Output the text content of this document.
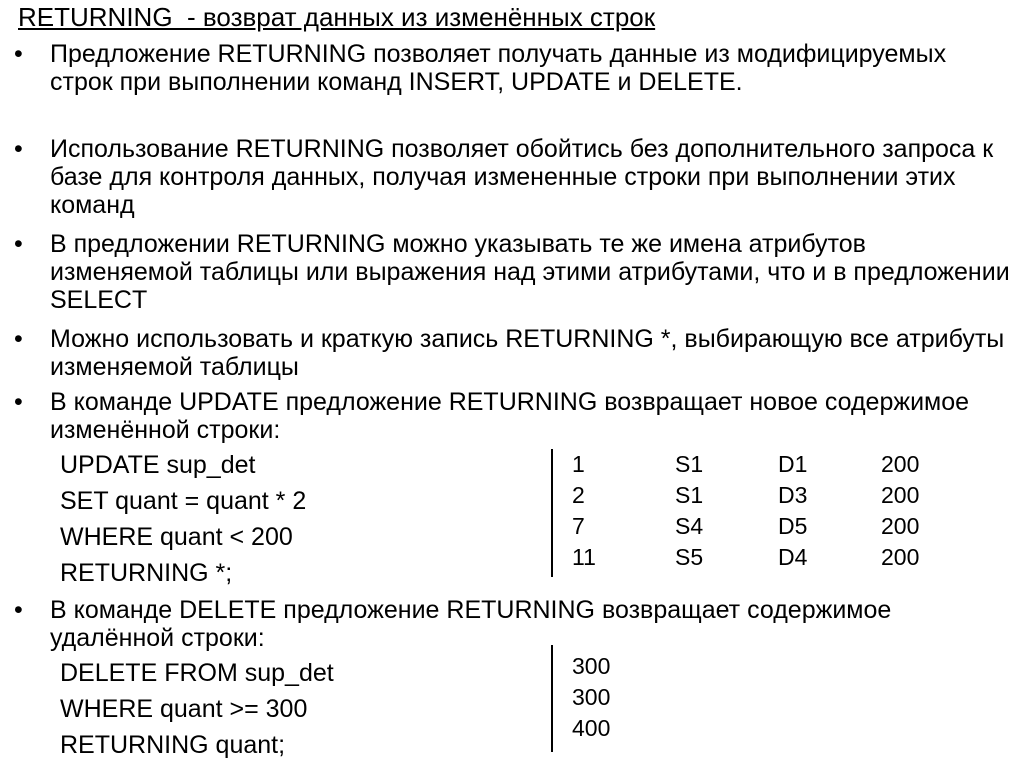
RETURNING  - возврат данных из изменённых строк
• Предложение RETURNING позволяет получать данные из модифицируемых строк при выполнении команд INSERT, UPDATE и DELETE.
• Использование RETURNING позволяет обойтись без дополнительного запроса к базе для контроля данных, получая измененные строки при выполнении этих команд
• В предложении RETURNING можно указывать те же имена атрибутов изменяемой таблицы или выражения над этими атрибутами, что и в предложении SELECT
• Можно использовать и краткую запись RETURNING *, выбирающую все атрибуты изменяемой таблицы
• В команде UPDATE предложение RETURNING возвращает новое содержимое изменённой строки:
UPDATE sup_det
SET quant = quant * 2
WHERE quant < 200
RETURNING *;
1	S1	D1	200
2	S1	D3	200
7	S4	D5	200
11	S5	D4	200
• В команде DELETE предложение RETURNING возвращает содержимое удалённой строки:
DELETE FROM sup_det
WHERE quant >= 300
RETURNING quant;
300
300
400
